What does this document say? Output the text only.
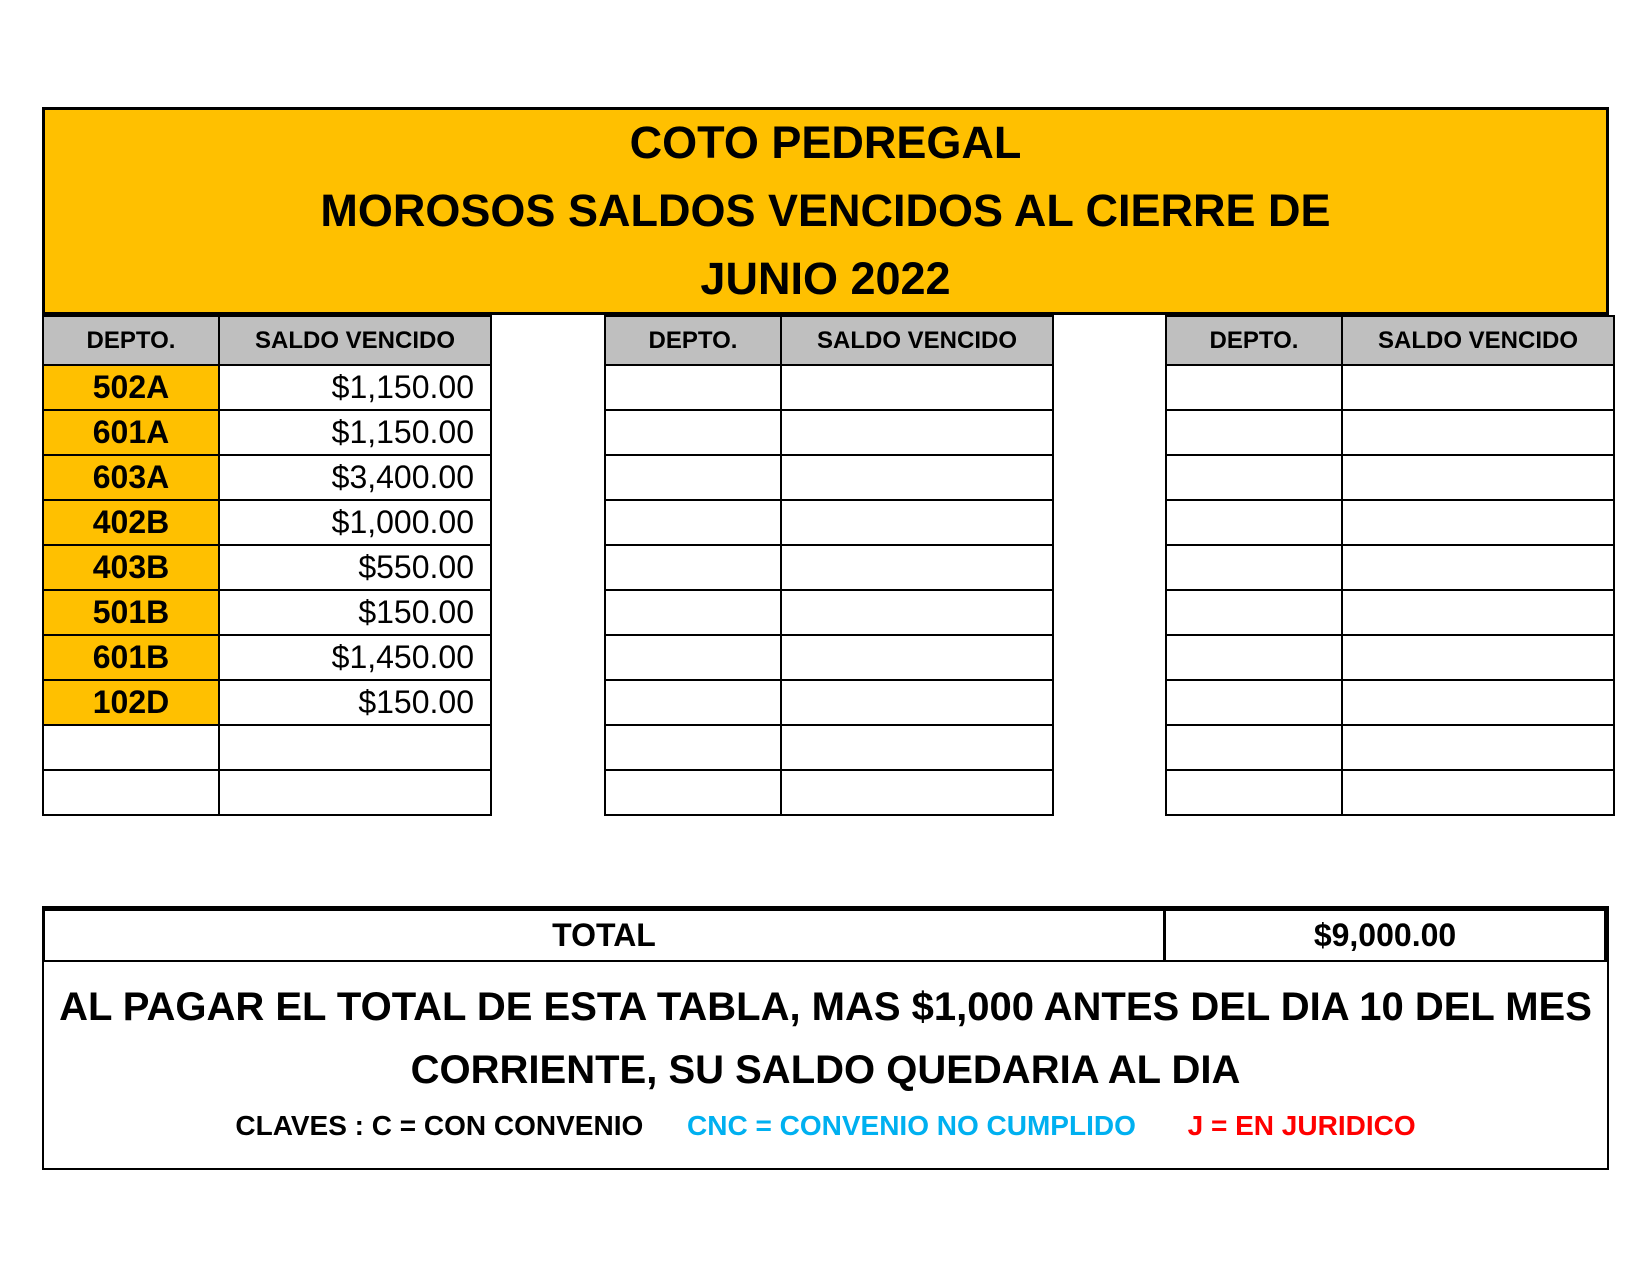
COTO PEDREGAL
MOROSOS SALDOS VENCIDOS AL CIERRE DE
JUNIO 2022
DEPTO.	SALDO VENCIDO
502A	$1,150.00
601A	$1,150.00
603A	$3,400.00
402B	$1,000.00
403B	$550.00
501B	$150.00
601B	$1,450.00
102D	$150.00

DEPTO.	SALDO VENCIDO

		DEPTO.	SALDO VENCIDO

TOTAL	$9,000.00
AL PAGAR EL TOTAL DE ESTA TABLA, MAS $1,000 ANTES DEL DIA 10 DEL MES
CORRIENTE, SU SALDO QUEDARIA AL DIA
CLAVES : C = CON CONVENIO CNC = CONVENIO NO CUMPLIDO J = EN JURIDICO
